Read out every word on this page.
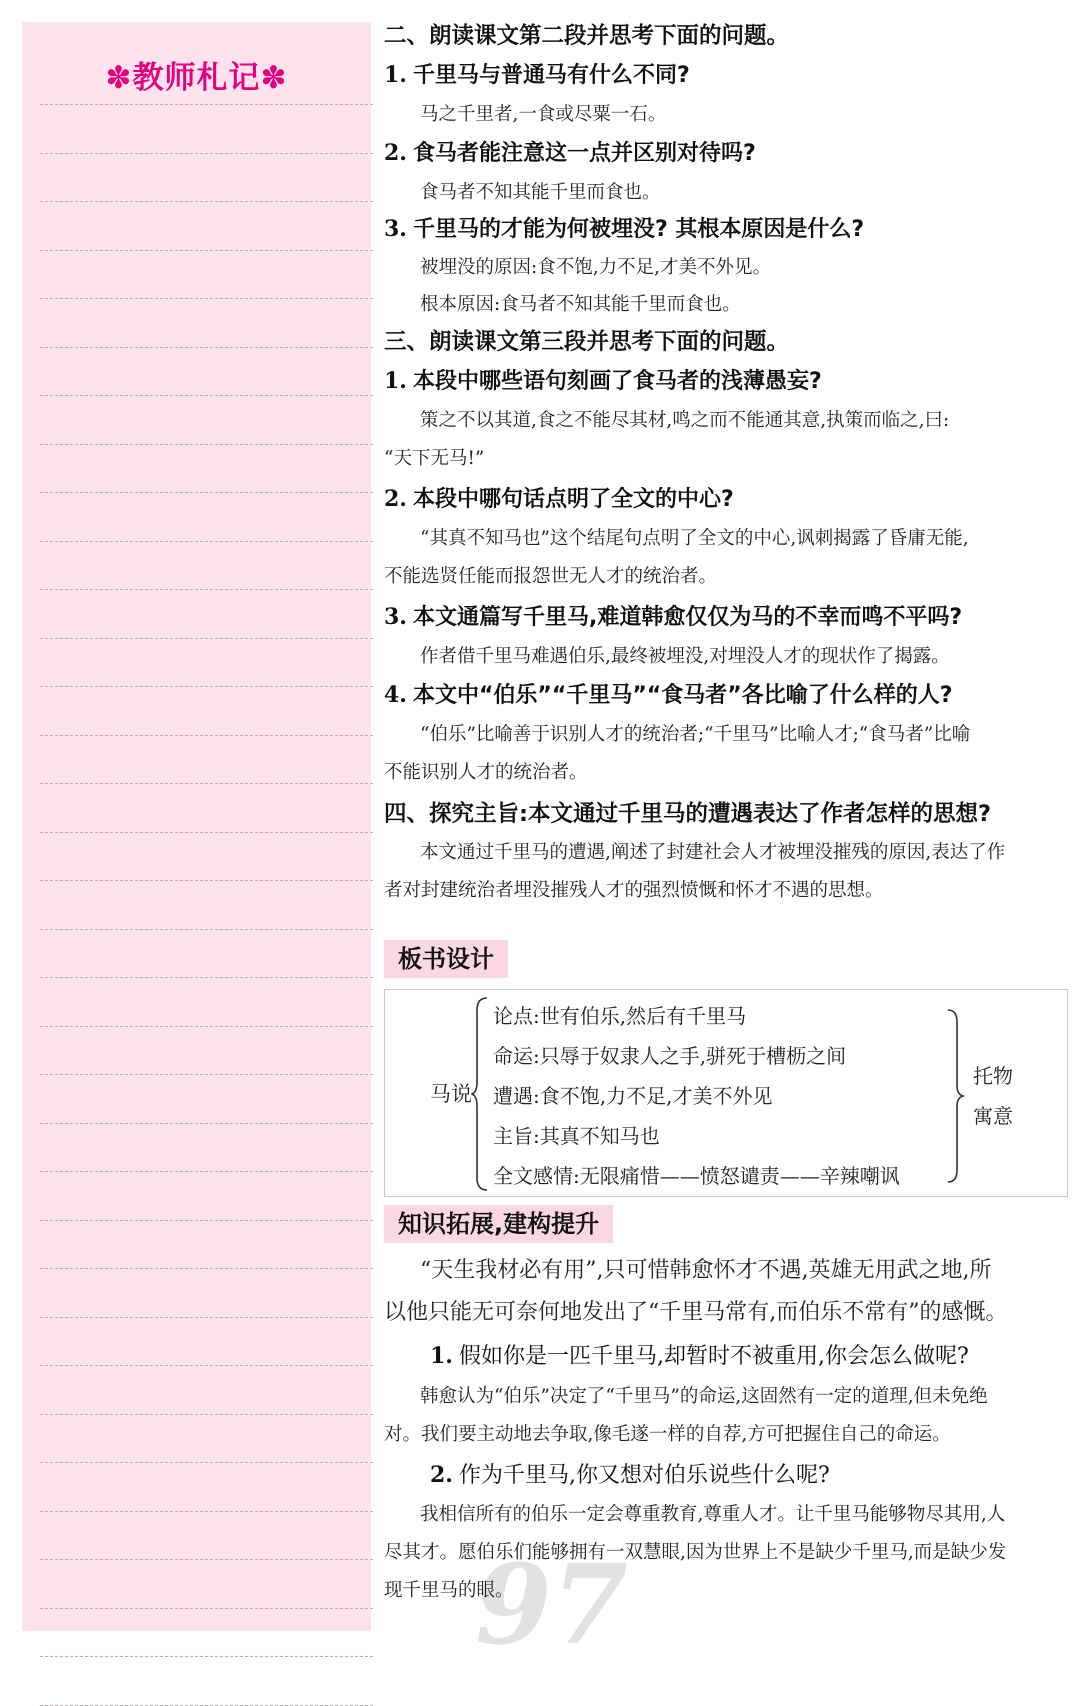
✽教师札记✽
97
二、朗读课文第二段并思考下面的问题。
1. 千里马与普通马有什么不同?
马之千里者,一食或尽粟一石。
2. 食马者能注意这一点并区别对待吗?
食马者不知其能千里而食也。
3. 千里马的才能为何被埋没? 其根本原因是什么?
被埋没的原因:食不饱,力不足,才美不外见。
根本原因:食马者不知其能千里而食也。
三、朗读课文第三段并思考下面的问题。
1. 本段中哪些语句刻画了食马者的浅薄愚妄?
策之不以其道,食之不能尽其材,鸣之而不能通其意,执策而临之,曰:
“天下无马!”
2. 本段中哪句话点明了全文的中心?
“其真不知马也”这个结尾句点明了全文的中心,讽刺揭露了昏庸无能,
不能选贤任能而报怨世无人才的统治者。
3. 本文通篇写千里马,难道韩愈仅仅为马的不幸而鸣不平吗?
作者借千里马难遇伯乐,最终被埋没,对埋没人才的现状作了揭露。
4. 本文中“伯乐”“千里马”“食马者”各比喻了什么样的人?
“伯乐”比喻善于识别人才的统治者;“千里马”比喻人才;“食马者”比喻
不能识别人才的统治者。
四、探究主旨:本文通过千里马的遭遇表达了作者怎样的思想?
本文通过千里马的遭遇,阐述了封建社会人才被埋没摧残的原因,表达了作
者对封建统治者埋没摧残人才的强烈愤慨和怀才不遇的思想。
板书设计
马说
论点:世有伯乐,然后有千里马
命运:只辱于奴隶人之手,骈死于槽枥之间
遭遇:食不饱,力不足,才美不外见
主旨:其真不知马也
全文感情:无限痛惜——愤怒谴责——辛辣嘲讽
托物
寓意
知识拓展,建构提升
“天生我材必有用”,只可惜韩愈怀才不遇,英雄无用武之地,所
以他只能无可奈何地发出了“千里马常有,而伯乐不常有”的感慨。
1. 假如你是一匹千里马,却暂时不被重用,你会怎么做呢?
韩愈认为“伯乐”决定了“千里马”的命运,这固然有一定的道理,但未免绝
对。我们要主动地去争取,像毛遂一样的自荐,方可把握住自己的命运。
2. 作为千里马,你又想对伯乐说些什么呢?
我相信所有的伯乐一定会尊重教育,尊重人才。让千里马能够物尽其用,人
尽其才。愿伯乐们能够拥有一双慧眼,因为世界上不是缺少千里马,而是缺少发
现千里马的眼。
